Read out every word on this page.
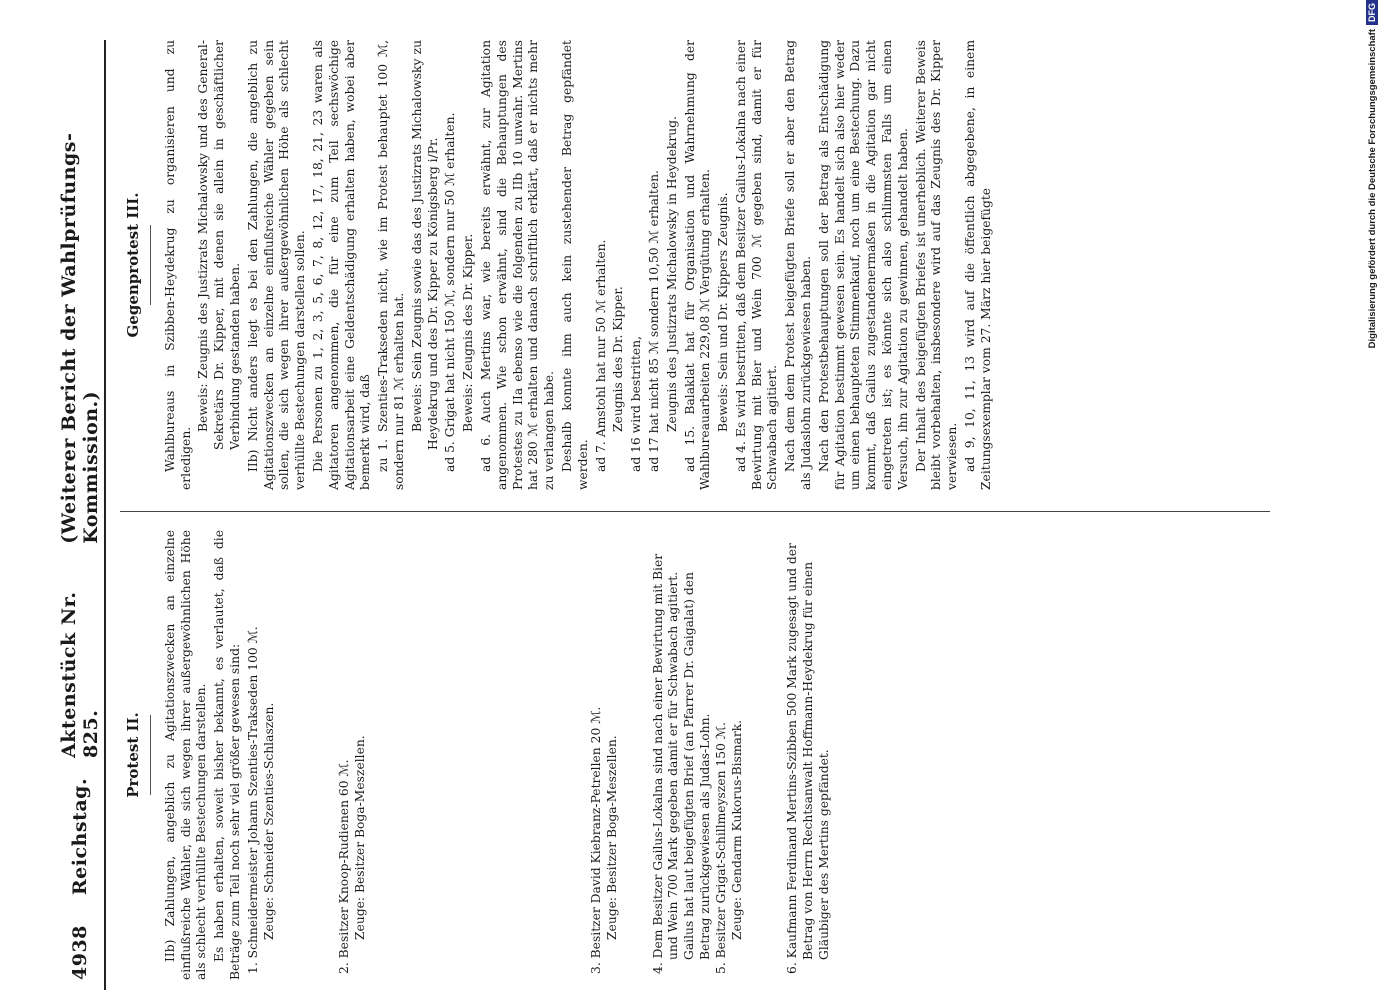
4938
Reichstag.
Aktenstück Nr. 825.
(Weiterer Bericht der Wahlprüfungs-Kommission.)
Protest II. IIb) Zahlungen, angeblich zu Agitationszwecken an einzelne einflußreiche Wähler, die sich wegen ihrer außergewöhnlichen Höhe als schlecht verhüllte Bestechungen darstellen. Es haben erhalten, soweit bisher bekannt, es verlautet, daß die Beträge zum Teil noch sehr viel größer gewesen sind: 1. Schneidermeister Johann Szenties-Trakseden 100 ℳ. Zeuge: Schneider Szenties-Schlaszen.	2. Besitzer Knoop-Rudienen 60 ℳ. Zeuge: Besitzer Boga-Meszellen.	3. Besitzer David Kiebranz-Petrellen 20 ℳ. Zeuge: Besitzer Boga-Meszellen.	4. Dem Besitzer Gailus-Lokalna sind nach einer Bewirtung mit Bier und Wein 700 Mark gegeben damit er für Schwabach agitiert. Gailus hat laut beigefügten Brief (an Pfarrer Dr. Gaigalat) den Betrag zurückgewiesen als Judas-Lohn. 5. Besitzer Grigat-Schillmeyszen 150 ℳ. Zeuge: Gendarm Kukorus-Bismark.	6. Kaufmann Ferdinand Mertins-Szibben 500 Mark zugesagt und der Betrag von Herrn Rechtsanwalt Hoffmann-Heydekrug für einen Gläubiger des Mertins gepfändet.
Gegenprotest III. Wahlbureaus in Szibben-Heydekrug zu organisieren und zu erledigen.

Beweis: Zeugnis des Justizrats Michalowsky und des General-Sekretärs Dr. Kipper, mit denen sie allein in geschäftlicher Verbindung gestanden haben. IIb) Nicht anders liegt es bei den Zahlungen, die angeblich zu Agitationszwecken an einzelne einflußreiche Wähler gegeben sein sollen, die sich wegen ihrer außergewöhnlichen Höhe als schlecht verhüllte Bestechungen darstellen sollen. Die Personen zu 1, 2, 3, 5, 6, 7, 8, 12, 17, 18, 21, 23 waren als Agitatoren angenommen, die für eine zum Teil sechswöchige Agitationsarbeit eine Geldentschädigung erhalten haben, wobei aber bemerkt wird, daß zu 1. Szenties-Trakseden nicht, wie im Protest behauptet 100 ℳ, sondern nur 81 ℳ erhalten hat. Beweis: Sein Zeugnis sowie das des Justizrats Michalowsky zu Heydekrug und des Dr. Kipper zu Königsberg i/Pr. ad 5. Grigat hat nicht 150 ℳ, sondern nur 50 ℳ erhalten. Beweis: Zeugnis des Dr. Kipper. ad 6. Auch Mertins war, wie bereits erwähnt, zur Agitation angenommen. Wie schon erwähnt, sind die Behauptungen des Protestes zu IIa ebenso wie die folgenden zu IIb 10 unwahr. Mertins hat 280 ℳ erhalten und danach schriftlich erklärt, daß er nichts mehr zu verlangen habe. Deshalb konnte ihm auch kein zustehender Betrag gepfändet werden. ad 7. Amstohl hat nur 50 ℳ erhalten. Zeugnis des Dr. Kipper. ad 16 wird bestritten, ad 17 hat nicht 85 ℳ sondern 10,50 ℳ erhalten. Zeugnis des Justizrats Michalowsky in Heydekrug. ad 15. Balaklat hat für Organisation und Wahrnehmung der Wahlbureauarbeiten 229,08 ℳ Vergütung erhalten. Beweis: Sein und Dr. Kippers Zeugnis. ad 4. Es wird bestritten, daß dem Besitzer Gailus-Lokalna nach einer Bewirtung mit Bier und Wein 700 ℳ gegeben sind, damit er für Schwabach agitiert. Nach dem dem Protest beigefügten Briefe soll er aber den Betrag als Judaslohn zurückgewiesen haben. Nach den Protestbehauptungen soll der Betrag als Entschädigung für Agitation bestimmt gewesen sein. Es handelt sich also hier weder um einen behaupteten Stimmenkauf, noch um eine Bestechung. Dazu kommt, daß Gailus zugestandenermaßen in die Agitation gar nicht eingetreten ist; es könnte sich also schlimmsten Falls um einen Versuch, ihn zur Agitation zu gewinnen, gehandelt haben. Der Inhalt des beigefügten Briefes ist unerheblich. Weiterer Beweis bleibt vorbehalten, insbesondere wird auf das Zeugnis des Dr. Kipper verwiesen. ad 9, 10, 11, 13 wird auf die öffentlich abgegebene, in einem Zeitungsexemplar vom 27. März hier beigefügte	Digitalisierung gefördert durch die Deutsche Forschungsgemeinschaft
DFG
